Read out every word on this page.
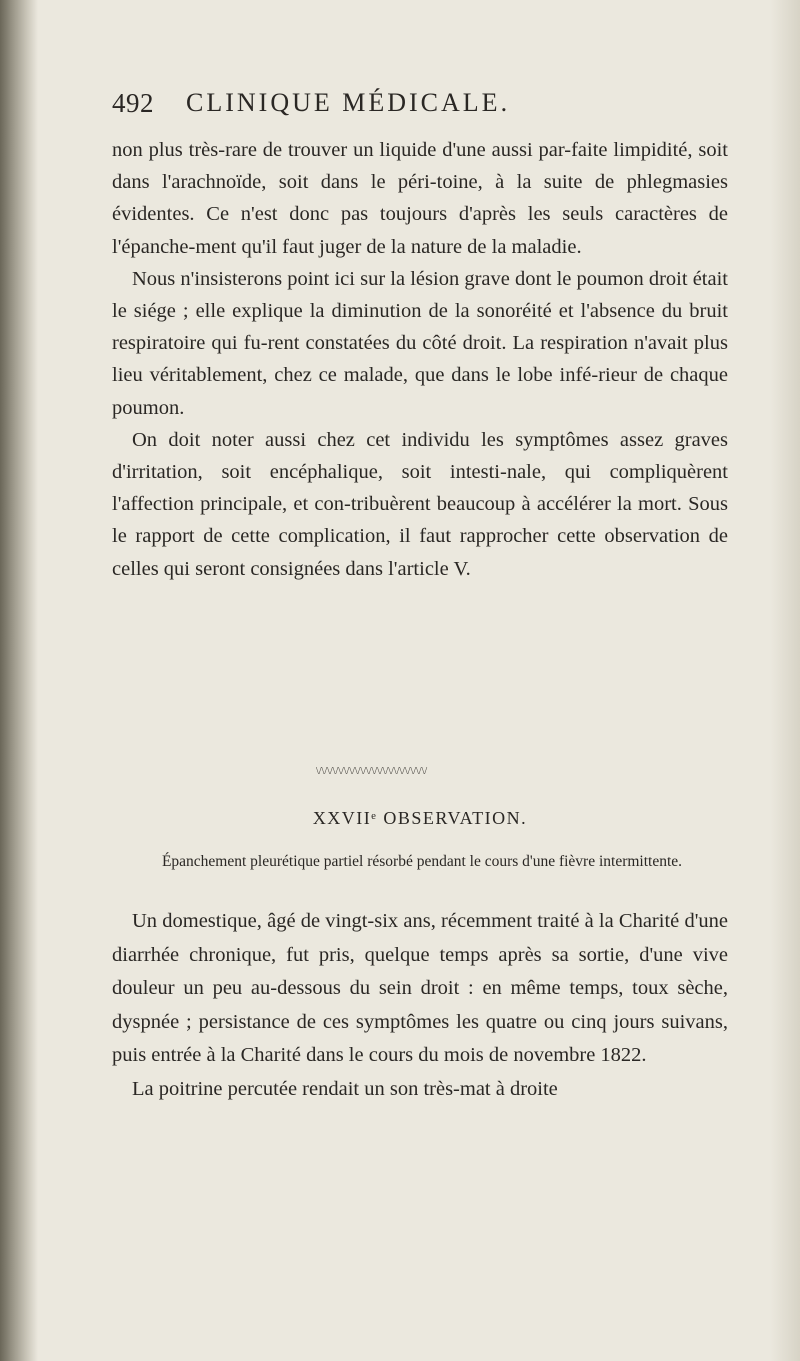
492 CLINIQUE MÉDICALE.

non plus très-rare de trouver un liquide d'une aussi par-faite limpidité, soit dans l'arachnoïde, soit dans le péri-toine, à la suite de phlegmasies évidentes. Ce n'est donc pas toujours d'après les seuls caractères de l'épanche-ment qu'il faut juger de la nature de la maladie.

Nous n'insisterons point ici sur la lésion grave dont le poumon droit était le siége ; elle explique la diminution de la sonoréité et l'absence du bruit respiratoire qui fu-rent constatées du côté droit. La respiration n'avait plus lieu véritablement, chez ce malade, que dans le lobe infé-rieur de chaque poumon.

On doit noter aussi chez cet individu les symptômes assez graves d'irritation, soit encéphalique, soit intesti-nale, qui compliquèrent l'affection principale, et con-tribuèrent beaucoup à accélérer la mort. Sous le rapport de cette complication, il faut rapprocher cette observation de celles qui seront consignées dans l'article V.

\/\/\/\/\/\/\/\/\/\/\/\/\/\/\/\/\/\/\/\/
XXVIIᵉ OBSERVATION.
Épanchement pleurétique partiel résorbé pendant le cours d'une fièvre intermittente.

Un domestique, âgé de vingt-six ans, récemment traité à la Charité d'une diarrhée chronique, fut pris, quelque temps après sa sortie, d'une vive douleur un peu au-dessous du sein droit : en même temps, toux sèche, dyspnée ; persistance de ces symptômes les quatre ou cinq jours suivans, puis entrée à la Charité dans le cours du mois de novembre 1822.

La poitrine percutée rendait un son très-mat à droite
